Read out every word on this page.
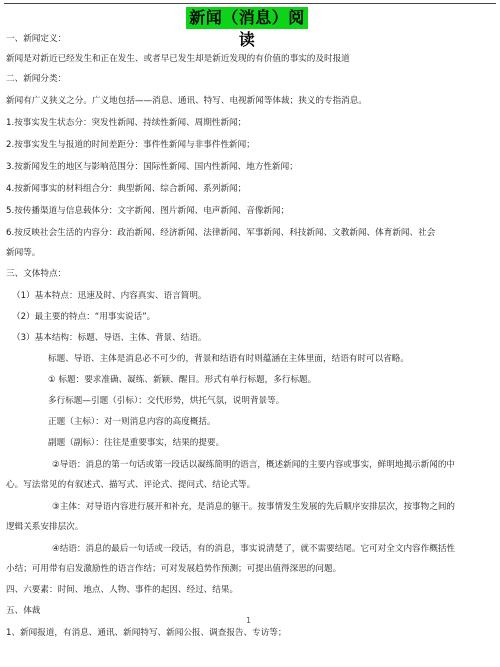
新闻（消息）阅读
一、新闻定义：
新闻是对新近已经发生和正在发生、或者早已发生却是新近发现的有价值的事实的及时报道
二、新闻分类：
新闻有广义狭义之分。广义地包括——消息、通讯、特写、电视新闻等体裁；狭义的专指消息。
1.按事实发生状态分：突发性新闻、持续性新闻、周期性新闻；
2.按事实发生与报道的时间差距分：事件性新闻与非事件性新闻；
3.按新闻发生的地区与影响范围分：国际性新闻、国内性新闻、地方性新闻；
4.按新闻事实的材料组合分：典型新闻、综合新闻、系列新闻；
5.按传播渠道与信息载体分：文字新闻、图片新闻、电声新闻、音像新闻；
6.按反映社会生活的内容分：政治新闻、经济新闻、法律新闻、军事新闻、科技新闻、文教新闻、体育新闻、社会
新闻等。
三、文体特点：
（1）基本特点：迅速及时、内容真实、语言简明。
（2）最主要的特点：“用事实说话”。
（3）基本结构：标题、导语、主体、背景、结语。
标题、导语、主体是消息必不可少的，背景和结语有时则蕴涵在主体里面，结语有时可以省略。
① 标题：要求准确、凝练、新颖、醒目。形式有单行标题，多行标题。
多行标题—引题（引标）：交代形势，烘托气氛，说明背景等。
正题（主标）：对一则消息内容的高度概括。
副题（副标）：往往是重要事实，结果的提要。
②导语：消息的第一句话或第一段话以凝练简明的语言，概述新闻的主要内容或事实，鲜明地揭示新闻的中
心。写法常见的有叙述式、描写式、评论式、提问式、结论式等。
③主体：对导语内容进行展开和补充，是消息的躯干。按事情发生发展的先后顺序安排层次，按事物之间的
逻辑关系安排层次。
④结语：消息的最后一句话或一段话，有的消息，事实说清楚了，就不需要结尾。它可对全文内容作概括性
小结；可用带有启发激励性的语言作结；可对发展趋势作预测；可提出值得深思的问题。
四、六要素：时间、地点、人物、事件的起因、经过、结果。
五、体裁
1、新闻报道，有消息、通讯、新闻特写、新闻公报、调查报告、专访等；
1
